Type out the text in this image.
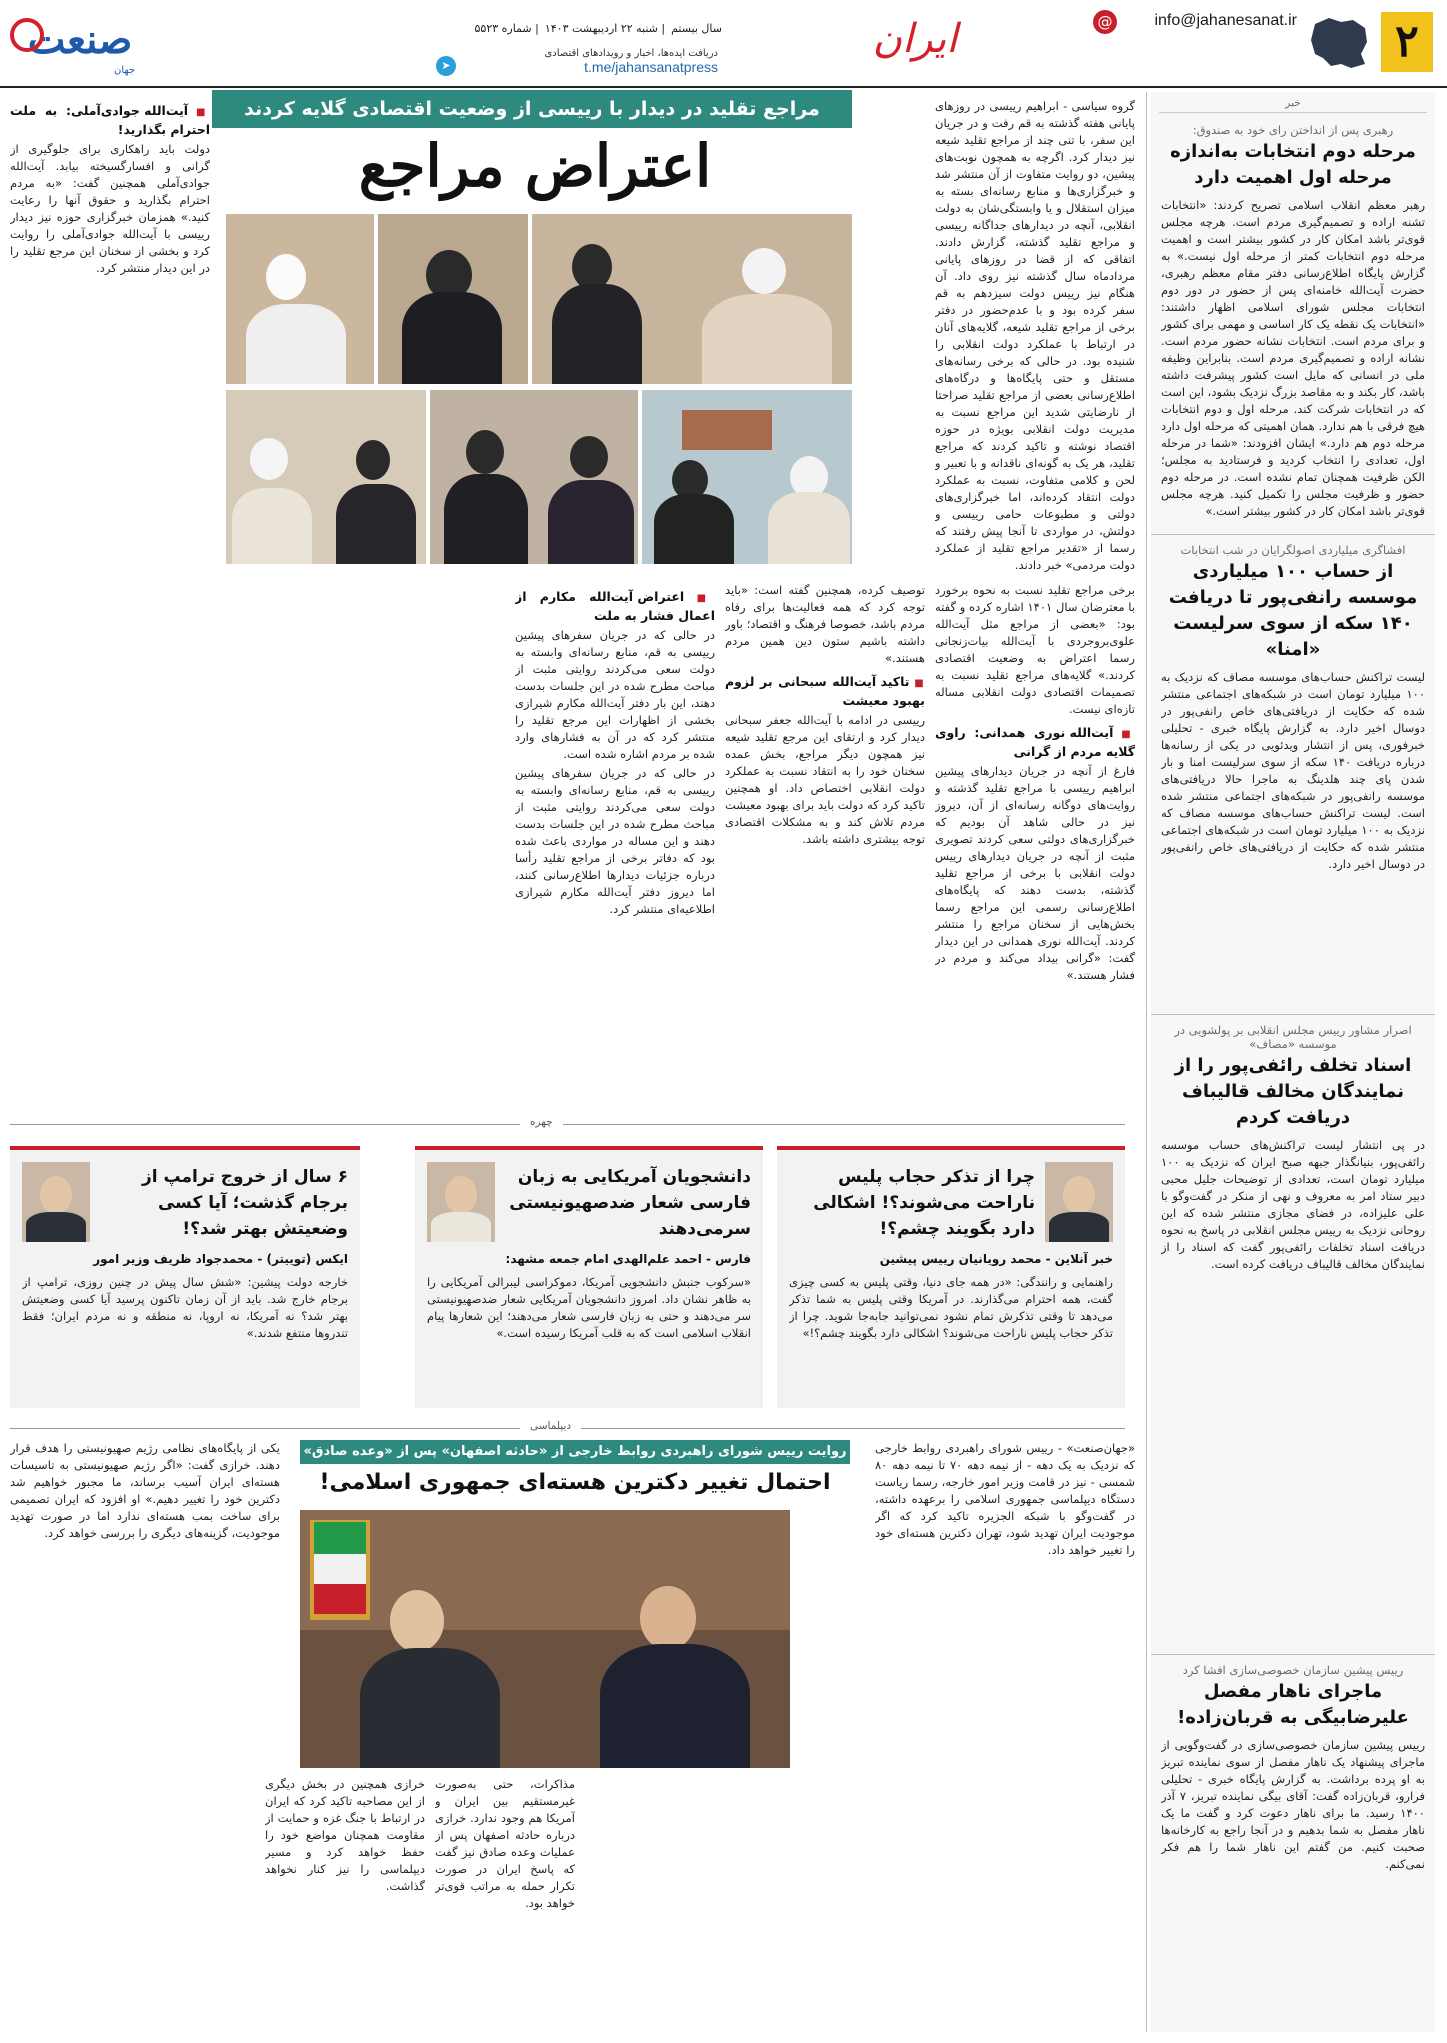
۲
@	info@jahanesanat.ir
ایران
سال بیستم| شنبه ۲۲ اردیبهشت ۱۴۰۳| شماره ۵۵۲۳
دریافت ایده‌ها، اخبار و رویدادهای اقتصادی
t.me/jahansanatpress
➤
صنعت
جهان
خبر
رهبری پس از انداختن رای خود به صندوق:
مرحله دوم انتخابات به‌اندازه مرحله اول اهمیت دارد
رهبر معظم انقلاب اسلامی تصریح کردند: «انتخابات تشنه اراده و تصمیم‌گیری مردم است. هرچه مجلس قوی‌تر باشد امکان کار در کشور بیشتر است و اهمیت مرحله دوم انتخابات کمتر از مرحله اول نیست.» به گزارش پایگاه اطلاع‌رسانی دفتر مقام معظم رهبری، حضرت آیت‌الله خامنه‌ای پس از حضور در دور دوم انتخابات مجلس شورای اسلامی اظهار داشتند: «انتخابات یک نقطه یک کار اساسی و مهمی برای کشور و برای مردم است. انتخابات نشانه حضور مردم است. نشانه اراده و تصمیم‌گیری مردم است. بنابراین وظیفه ملی در انسانی که مایل است کشور پیشرفت داشته باشد، کار بکند و به مقاصد بزرگ نزدیک بشود، این است که در انتخابات شرکت کند. مرحله اول و دوم انتخابات هیچ فرقی با هم ندارد. همان اهمیتی که مرحله اول دارد مرحله دوم هم دارد.» ایشان افزودند: «شما در مرحله اول، تعدادی را انتخاب کردید و فرستادید به مجلس؛ الکن ظرفیت همچنان تمام نشده است. در مرحله دوم حضور و ظرفیت مجلس را تکمیل کنید. هرچه مجلس قوی‌تر باشد امکان کار در کشور بیشتر است.»
افشاگری میلیاردی اصولگرایان در شب انتخابات
از حساب ۱۰۰ میلیاردی موسسه رانفی‌پور تا دریافت ۱۴۰ سکه از سوی سرلیست «امنا»
لیست تراکنش حساب‌های موسسه مصاف که نزدیک به ۱۰۰ میلیارد تومان است در شبکه‌های اجتماعی منتشر شده که حکایت از دریافتی‌های خاص رانفی‌پور در دوسال اخیر دارد. به گزارش پایگاه خبری - تحلیلی خبرفوری، پس از انتشار ویدئویی در یکی از رسانه‌ها درباره دریافت ۱۴۰ سکه از سوی سرلیست امنا و بار شدن پای چند هلدینگ به ماجرا حالا دریافتی‌های موسسه رانفی‌پور در شبکه‌های اجتماعی منتشر شده است. لیست تراکنش حساب‌های موسسه مصاف که نزدیک به ۱۰۰ میلیارد تومان است در شبکه‌های اجتماعی منتشر شده که حکایت از دریافتی‌های خاص رانفی‌پور در دوسال اخیر دارد.
اصرار مشاور رییس مجلس انقلابی بر پولشویی در موسسه «مصاف»
اسناد تخلف رائفی‌پور را از نمایندگان مخالف قالیباف دریافت کردم
در پی انتشار لیست تراکنش‌های حساب موسسه رائفی‌پور، بنیانگذار جبهه صبح ایران که نزدیک به ۱۰۰ میلیارد تومان است، تعدادی از توضیحات جلیل محبی دبیر ستاد امر به معروف و نهی از منکر در گفت‌وگو با علی علیزاده، در فضای مجازی منتشر شده که این روحانی نزدیک به رییس مجلس انقلابی در پاسخ به نحوه دریافت اسناد تخلفات رائفی‌پور گفت که اسناد را از نمایندگان مخالف قالیباف دریافت کرده است.
رییس پیشین سازمان خصوصی‌سازی افشا کرد
ماجرای ناهار مفصل علیرضابیگی به قربان‌زاده!
رییس پیشین سازمان خصوصی‌سازی در گفت‌وگویی از ماجرای پیشنهاد یک ناهار مفصل از سوی نماینده تبریز به او پرده برداشت. به گزارش پایگاه خبری - تحلیلی فرارو، قربان‌زاده گفت: آقای بیگی نماینده تبریز، ۷ آذر ۱۴۰۰ رسید. ما برای ناهار دعوت کرد و گفت ما یک ناهار مفصل به شما بدهیم و در آنجا راجع به کارخانه‌ها صحبت کنیم. من گفتم این ناهار شما را هم فکر نمی‌کنم.
گروه سیاسی - ابراهیم رییسی در روزهای پایانی هفته گذشته به قم رفت و در جریان این سفر، با تنی چند از مراجع تقلید شیعه نیز دیدار کرد. اگرچه به همچون نوبت‌های پیشین، دو روایت متفاوت از آن منتشر شد و خبرگزاری‌ها و منابع رسانه‌ای بسته به میزان استقلال و یا وابستگی‌شان به دولت انقلابی، آنچه در دیدارهای جداگانه رییسی و مراجع تقلید گذشته، گزارش دادند. اتفاقی که از قضا در روزهای پایانی مردادماه سال گذشته نیز روی داد. آن هنگام نیز رییس دولت سیزدهم به قم سفر کرده بود و با عدم‌حضور در دفتر برخی از مراجع تقلید شیعه، گلایه‌های آنان در ارتباط با عملکرد دولت انقلابی را شنیده بود. در حالی که برخی رسانه‌های مستقل و حتی پایگاه‌ها و درگاه‌های اطلاع‌رسانی بعضی از مراجع تقلید صراحتا از نارضایتی شدید این مراجع نسبت به مدیریت دولت انقلابی بویژه در حوزه اقتصاد نوشته و تاکید کردند که مراجع تقلید، هر یک به گونه‌ای ناقدانه و با تعبیر و لحن و کلامی متفاوت، نسبت به عملکرد دولت انتقاد کرده‌اند، اما خبرگزاری‌های دولتی و مطبوعات حامی رییسی و دولتش، در مواردی تا آنجا پیش رفتند که رسما از «تقدیر مراجع تقلید از عملکرد دولت مردمی» خبر دادند.
مراجع تقلید در دیدار با رییسی از وضعیت اقتصادی گلایه کردند
اعتراض مراجع

برخی مراجع تقلید نسبت به نحوه برخورد با معترضان سال ۱۴۰۱ اشاره کرده و گفته بود: «بعضی از مراجع مثل آیت‌الله علوی‌بروجردی با آیت‌الله بیات‌زنجانی رسما اعتراض به وضعیت اقتصادی کردند.» گلایه‌های مراجع تقلید نسبت به تصمیمات اقتصادی دولت انقلابی مساله تازه‌ای نیست.

■ آیت‌الله نوری همدانی: راوی گلایه مردم از گرانی

فارغ از آنچه در جریان دیدارهای پیشین ابراهیم رییسی با مراجع تقلید گذشته و روایت‌های دوگانه رسانه‌ای از آن، دیروز نیز در حالی شاهد آن بودیم که خبرگزاری‌های دولتی سعی کردند تصویری مثبت از آنچه در جریان دیدارهای رییس دولت انقلابی با برخی از مراجع تقلید گذشته، بدست دهند که پایگاه‌های اطلاع‌رسانی رسمی این مراجع رسما بخش‌هایی از سخنان مراجع را منتشر کردند. آیت‌الله نوری همدانی در این دیدار گفت: «گرانی بیداد می‌کند و مردم در فشار هستند.»

توصیف کرده، همچنین گفته است: «باید توجه کرد که همه فعالیت‌ها برای رفاه مردم باشد، خصوصا فرهنگ و اقتصاد؛ باور داشته باشیم ستون دین همین مردم هستند.»

■ تاکید آیت‌الله سبحانی بر لزوم بهبود معیشت

رییسی در ادامه با آیت‌الله جعفر سبحانی دیدار کرد و ارتقای این مرجع تقلید شیعه نیز همچون دیگر مراجع، بخش عمده سخنان خود را به انتقاد نسبت به عملکرد دولت انقلابی اختصاص داد. او همچنین تاکید کرد که دولت باید برای بهبود معیشت مردم تلاش کند و به مشکلات اقتصادی توجه بیشتری داشته باشد.

■ اعتراض آیت‌الله مکارم از اعمال فشار به ملت

در حالی که در جریان سفرهای پیشین رییسی به قم، منابع رسانه‌ای وابسته به دولت سعی می‌کردند روایتی مثبت از مباحث مطرح شده در این جلسات بدست دهند، این بار دفتر آیت‌الله مکارم شیرازی بخشی از اظهارات این مرجع تقلید را منتشر کرد که در آن به فشارهای وارد شده بر مردم اشاره شده است.

در حالی که در جریان سفرهای پیشین رییسی به قم، منابع رسانه‌ای وابسته به دولت سعی می‌کردند روایتی مثبت از مباحث مطرح شده در این جلسات بدست دهند و این مساله در مواردی باعث شده بود که دفاتر برخی از مراجع تقلید رأسا درباره جزئیات دیدارها اطلاع‌رسانی کنند، اما دیروز دفتر آیت‌الله مکارم شیرازی اطلاعیه‌ای منتشر کرد.

■ آیت‌الله جوادی‌آملی: به ملت احترام بگذارید!

دولت باید راهکاری برای جلوگیری از گرانی و افسارگسیخته بیابد. آیت‌الله جوادی‌آملی همچنین گفت: «به مردم احترام بگذارید و حقوق آنها را رعایت کنید.» همزمان خبرگزاری حوزه نیز دیدار رییسی با آیت‌الله جوادی‌آملی را روایت کرد و بخشی از سخنان این مرجع تقلید را در این دیدار منتشر کرد.

چهره
چرا از تذکر حجاب پلیس ناراحت می‌شوند؟! اشکالی دارد بگویند چشم؟!
خبر آنلاین - محمد رویانیان رییس پیشین
راهنمایی و رانندگی: «در همه جای دنیا، وقتی پلیس به کسی چیزی گفت، همه احترام می‌گذارند. در آمریکا وقتی پلیس به شما تذکر می‌دهد تا وقتی تذکرش تمام نشود نمی‌توانید جابه‌جا شوید. چرا از تذکر حجاب پلیس ناراحت می‌شوند؟ اشکالی دارد بگویند چشم؟!»
دانشجویان آمریکایی به زبان فارسی شعار ضدصهیونیستی سرمی‌دهند
فارس - احمد علم‌الهدی امام جمعه مشهد:
«سرکوب جنبش دانشجویی آمریکا، دموکراسی لیبرالی آمریکایی را به ظاهر نشان داد. امروز دانشجویان آمریکایی شعار ضدصهیونیستی سر می‌دهند و حتی به زبان فارسی شعار می‌دهند؛ این شعارها پیام انقلاب اسلامی است که به قلب آمریکا رسیده است.»
۶ سال از خروج ترامپ از برجام گذشت؛ آیا کسی وضعیتش بهتر شد؟!
ایکس (توییتر) - محمدجواد ظریف وزیر امور
خارجه دولت پیشین: «شش سال پیش در چنین روزی، ترامپ از برجام خارج شد. باید از آن زمان تاکنون پرسید آیا کسی وضعیتش بهتر شد؟ نه آمریکا، نه اروپا، نه منطقه و نه مردم ایران؛ فقط تندروها منتفع شدند.»
دیپلماسی
روایت رییس شورای راهبردی روابط خارجی از «حادثه اصفهان» پس از «وعده صادق»
احتمال تغییر دکترین هسته‌ای جمهوری اسلامی!
«جهان‌صنعت» - رییس شورای راهبردی روابط خارجی که نزدیک به یک دهه - از نیمه دهه ۷۰ تا نیمه دهه ۸۰ شمسی - نیز در قامت وزیر امور خارجه، رسما ریاست دستگاه دیپلماسی جمهوری اسلامی را برعهده داشته، در گفت‌وگو با شبکه الجزیره تاکید کرد که اگر موجودیت ایران تهدید شود، تهران دکترین هسته‌ای خود را تغییر خواهد داد.
مذاکرات، حتی به‌صورت غیرمستقیم بین ایران و آمریکا هم وجود ندارد. خرازی درباره حادثه اصفهان پس از عملیات وعده صادق نیز گفت که پاسخ ایران در صورت تکرار حمله به مراتب قوی‌تر خواهد بود.
خرازی همچنین در بخش دیگری از این مصاحبه تاکید کرد که ایران در ارتباط با جنگ غزه و حمایت از مقاومت همچنان مواضع خود را حفظ خواهد کرد و مسیر دیپلماسی را نیز کنار نخواهد گذاشت.
یکی از پایگاه‌های نظامی رژیم صهیونیستی را هدف قرار دهند. خرازی گفت: «اگر رژیم صهیونیستی به تاسیسات هسته‌ای ایران آسیب برساند، ما مجبور خواهیم شد دکترین خود را تغییر دهیم.» او افزود که ایران تصمیمی برای ساخت بمب هسته‌ای ندارد اما در صورت تهدید موجودیت، گزینه‌های دیگری را بررسی خواهد کرد.
